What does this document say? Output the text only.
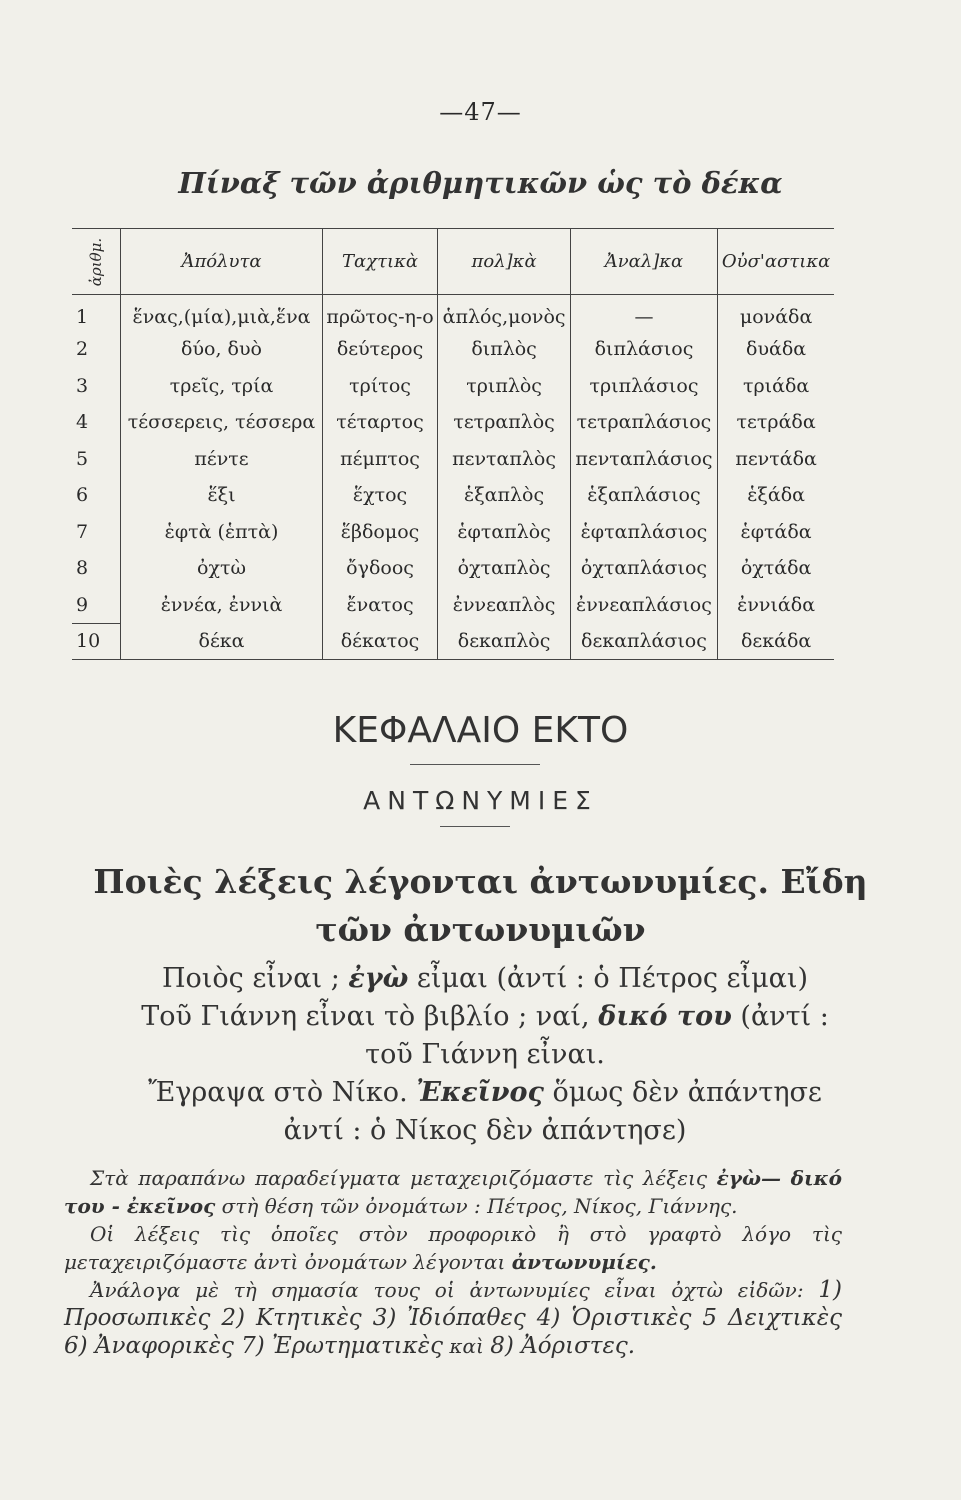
—47—
Πίναξ τῶν ἀριθμητικῶν ὡς τὸ δέκα
ἀριθμ.	Ἀπόλυτα	Ταχτικὰ	πολ]κὰ	Ἀναλ]κα	Οὐσ'αστικα
1	ἕνας,(μία),μιὰ,ἕνα	πρῶτος-η-ο	ἁπλός,μονὸς	—	μονάδα
2	δύο, δυὸ	δεύτερος	διπλὸς	διπλάσιος	δυάδα
3	τρεῖς, τρία	τρίτος	τριπλὸς	τριπλάσιος	τριάδα
4	τέσσερεις, τέσσερα	τέταρτος	τετραπλὸς	τετραπλάσιος	τετράδα
5	πέντε	πέμπτος	πενταπλὸς	πενταπλάσιος	πεντάδα
6	ἕξι	ἕχτος	ἑξαπλὸς	ἑξαπλάσιος	ἑξάδα
7	ἑφτὰ (ἑπτὰ)	ἕβδομος	ἑφταπλὸς	ἑφταπλάσιος	ἑφτάδα
8	ὀχτὼ	ὄγδοος	ὀχταπλὸς	ὀχταπλάσιος	ὀχτάδα
9	ἐννέα, ἐννιὰ	ἔνατος	ἐννεαπλὸς	ἐννεαπλάσιος	ἐννιάδα
10	δέκα	δέκατος	δεκαπλὸς	δεκαπλάσιος	δεκάδα
ΚΕΦΑΛΑΙΟ ΕΚΤΟ
ΑΝΤΩΝΥΜΙΕΣ
Ποιὲς λέξεις λέγονται ἀντωνυμίες. Εἴδη
τῶν ἀντωνυμιῶν
Ποιὸς εἶναι ; ἐγὼ εἶμαι (ἀντί : ὁ Πέτρος εἶμαι)
Τοῦ Γιάννη εἶναι τὸ βιβλίο ; ναί, δικό του (ἀντί :
τοῦ Γιάννη εἶναι.
Ἔγραψα στὸ Νίκο. Ἐκεῖνος ὅμως δὲν ἀπάντησε
ἀντί : ὁ Νίκος δὲν ἀπάντησε)

Στὰ παραπάνω παραδείγματα μεταχειριζόμαστε τὶς λέξεις ἐγὼ— δικό του - ἐκεῖνος στὴ θέση τῶν ὀνομάτων : Πέτρος, Νίκος, Γιάννης.

Οἱ λέξεις τὶς ὁποῖες στὸν προφορικὸ ἢ στὸ γραφτὸ λόγο τὶς μεταχειριζόμαστε ἀντὶ ὀνομάτων λέγονται ἀντωνυμίες.

Ἀνάλογα μὲ τὴ σημασία τους οἱ ἀντωνυμίες εἶναι ὀχτὼ εἰδῶν: 1) Προσωπικὲς 2) Κτητικὲς 3) Ἰδιόπαθες 4) Ὁριστικὲς 5 Δειχτικὲς 6) Ἀναφορικὲς 7) Ἐρωτηματικὲς καὶ 8) Ἀόριστες.
